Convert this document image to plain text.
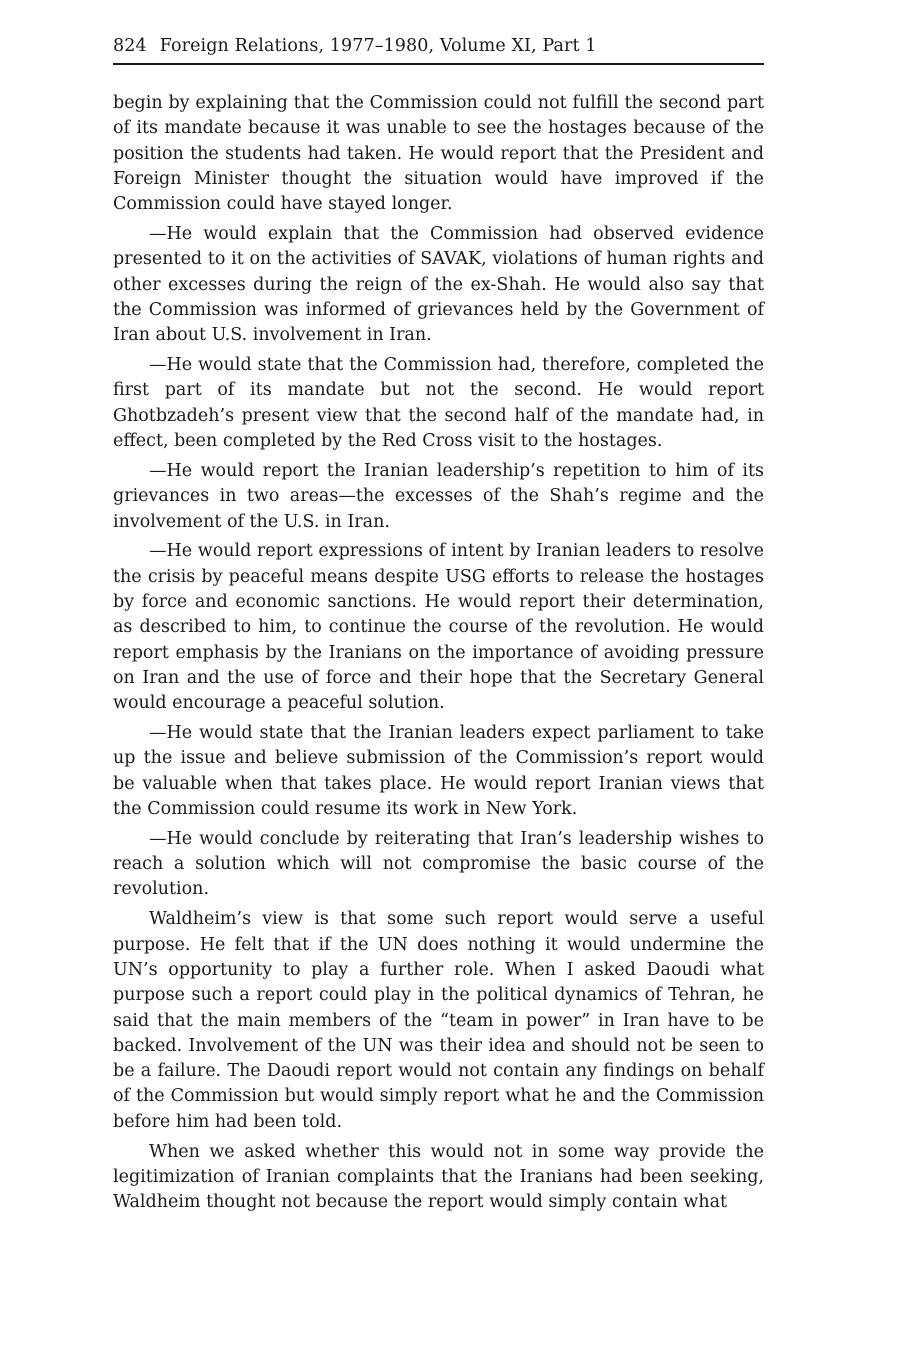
824 Foreign Relations, 1977–1980, Volume XI, Part 1

begin by explaining that the Commission could not fulfill the second part of its mandate because it was unable to see the hostages because of the position the students had taken. He would report that the President and Foreign Minister thought the situation would have improved if the Commission could have stayed longer.

—He would explain that the Commission had observed evidence presented to it on the activities of SAVAK, violations of human rights and other excesses during the reign of the ex-Shah. He would also say that the Commission was informed of grievances held by the Government of Iran about U.S. involvement in Iran.

—He would state that the Commission had, therefore, completed the first part of its mandate but not the second. He would report Ghotbzadeh’s present view that the second half of the mandate had, in effect, been completed by the Red Cross visit to the hostages.

—He would report the Iranian leadership’s repetition to him of its grievances in two areas—the excesses of the Shah’s regime and the involvement of the U.S. in Iran.

—He would report expressions of intent by Iranian leaders to resolve the crisis by peaceful means despite USG efforts to release the hostages by force and economic sanctions. He would report their determination, as described to him, to continue the course of the revolution. He would report emphasis by the Iranians on the importance of avoiding pressure on Iran and the use of force and their hope that the Secretary General would encourage a peaceful solution.

—He would state that the Iranian leaders expect parliament to take up the issue and believe submission of the Commission’s report would be valuable when that takes place. He would report Iranian views that the Commission could resume its work in New York.

—He would conclude by reiterating that Iran’s leadership wishes to reach a solution which will not compromise the basic course of the revolution.

Waldheim’s view is that some such report would serve a useful purpose. He felt that if the UN does nothing it would undermine the UN’s opportunity to play a further role. When I asked Daoudi what purpose such a report could play in the political dynamics of Tehran, he said that the main members of the “team in power” in Iran have to be backed. Involvement of the UN was their idea and should not be seen to be a failure. The Daoudi report would not contain any findings on behalf of the Commission but would simply report what he and the Commission before him had been told.

When we asked whether this would not in some way provide the legitimization of Iranian complaints that the Iranians had been seeking, Waldheim thought not because the report would simply contain what
